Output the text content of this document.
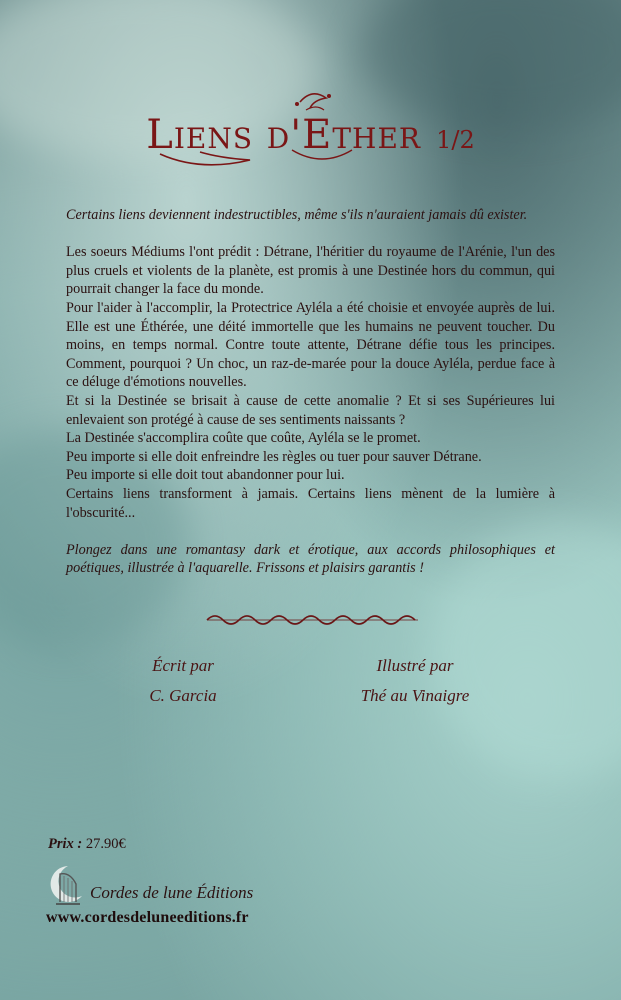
Liens d'Ether 1/2

Certains liens deviennent indestructibles, même s'ils n'auraient jamais dû exister.

Les soeurs Médiums l'ont prédit : Détrane, l'héritier du royaume de l'Arénie, l'un des plus cruels et violents de la planète, est promis à une Destinée hors du commun, qui pourrait changer la face du monde.

Pour l'aider à l'accomplir, la Protectrice Ayléla a été choisie et envoyée auprès de lui. Elle est une Éthérée, une déité immortelle que les humains ne peuvent toucher. Du moins, en temps normal. Contre toute attente, Détrane défie tous les principes. Comment, pourquoi ? Un choc, un raz-de-marée pour la douce Ayléla, perdue face à ce déluge d'émotions nouvelles.

Et si la Destinée se brisait à cause de cette anomalie ? Et si ses Supérieures lui enlevaient son protégé à cause de ses sentiments naissants ?

La Destinée s'accomplira coûte que coûte, Ayléla se le promet.

Peu importe si elle doit enfreindre les règles ou tuer pour sauver Détrane.

Peu importe si elle doit tout abandonner pour lui.

Certains liens transforment à jamais. Certains liens mènent de la lumière à l'obscurité...

Plongez dans une romantasy dark et érotique, aux accords philosophiques et poétiques, illustrée à l'aquarelle. Frissons et plaisirs garantis !

Écrit par
C. Garcia
Illustré par
Thé au Vinaigre
Prix : 27.90€
Cordes de lune Éditions
www.cordesdeluneeditions.fr
